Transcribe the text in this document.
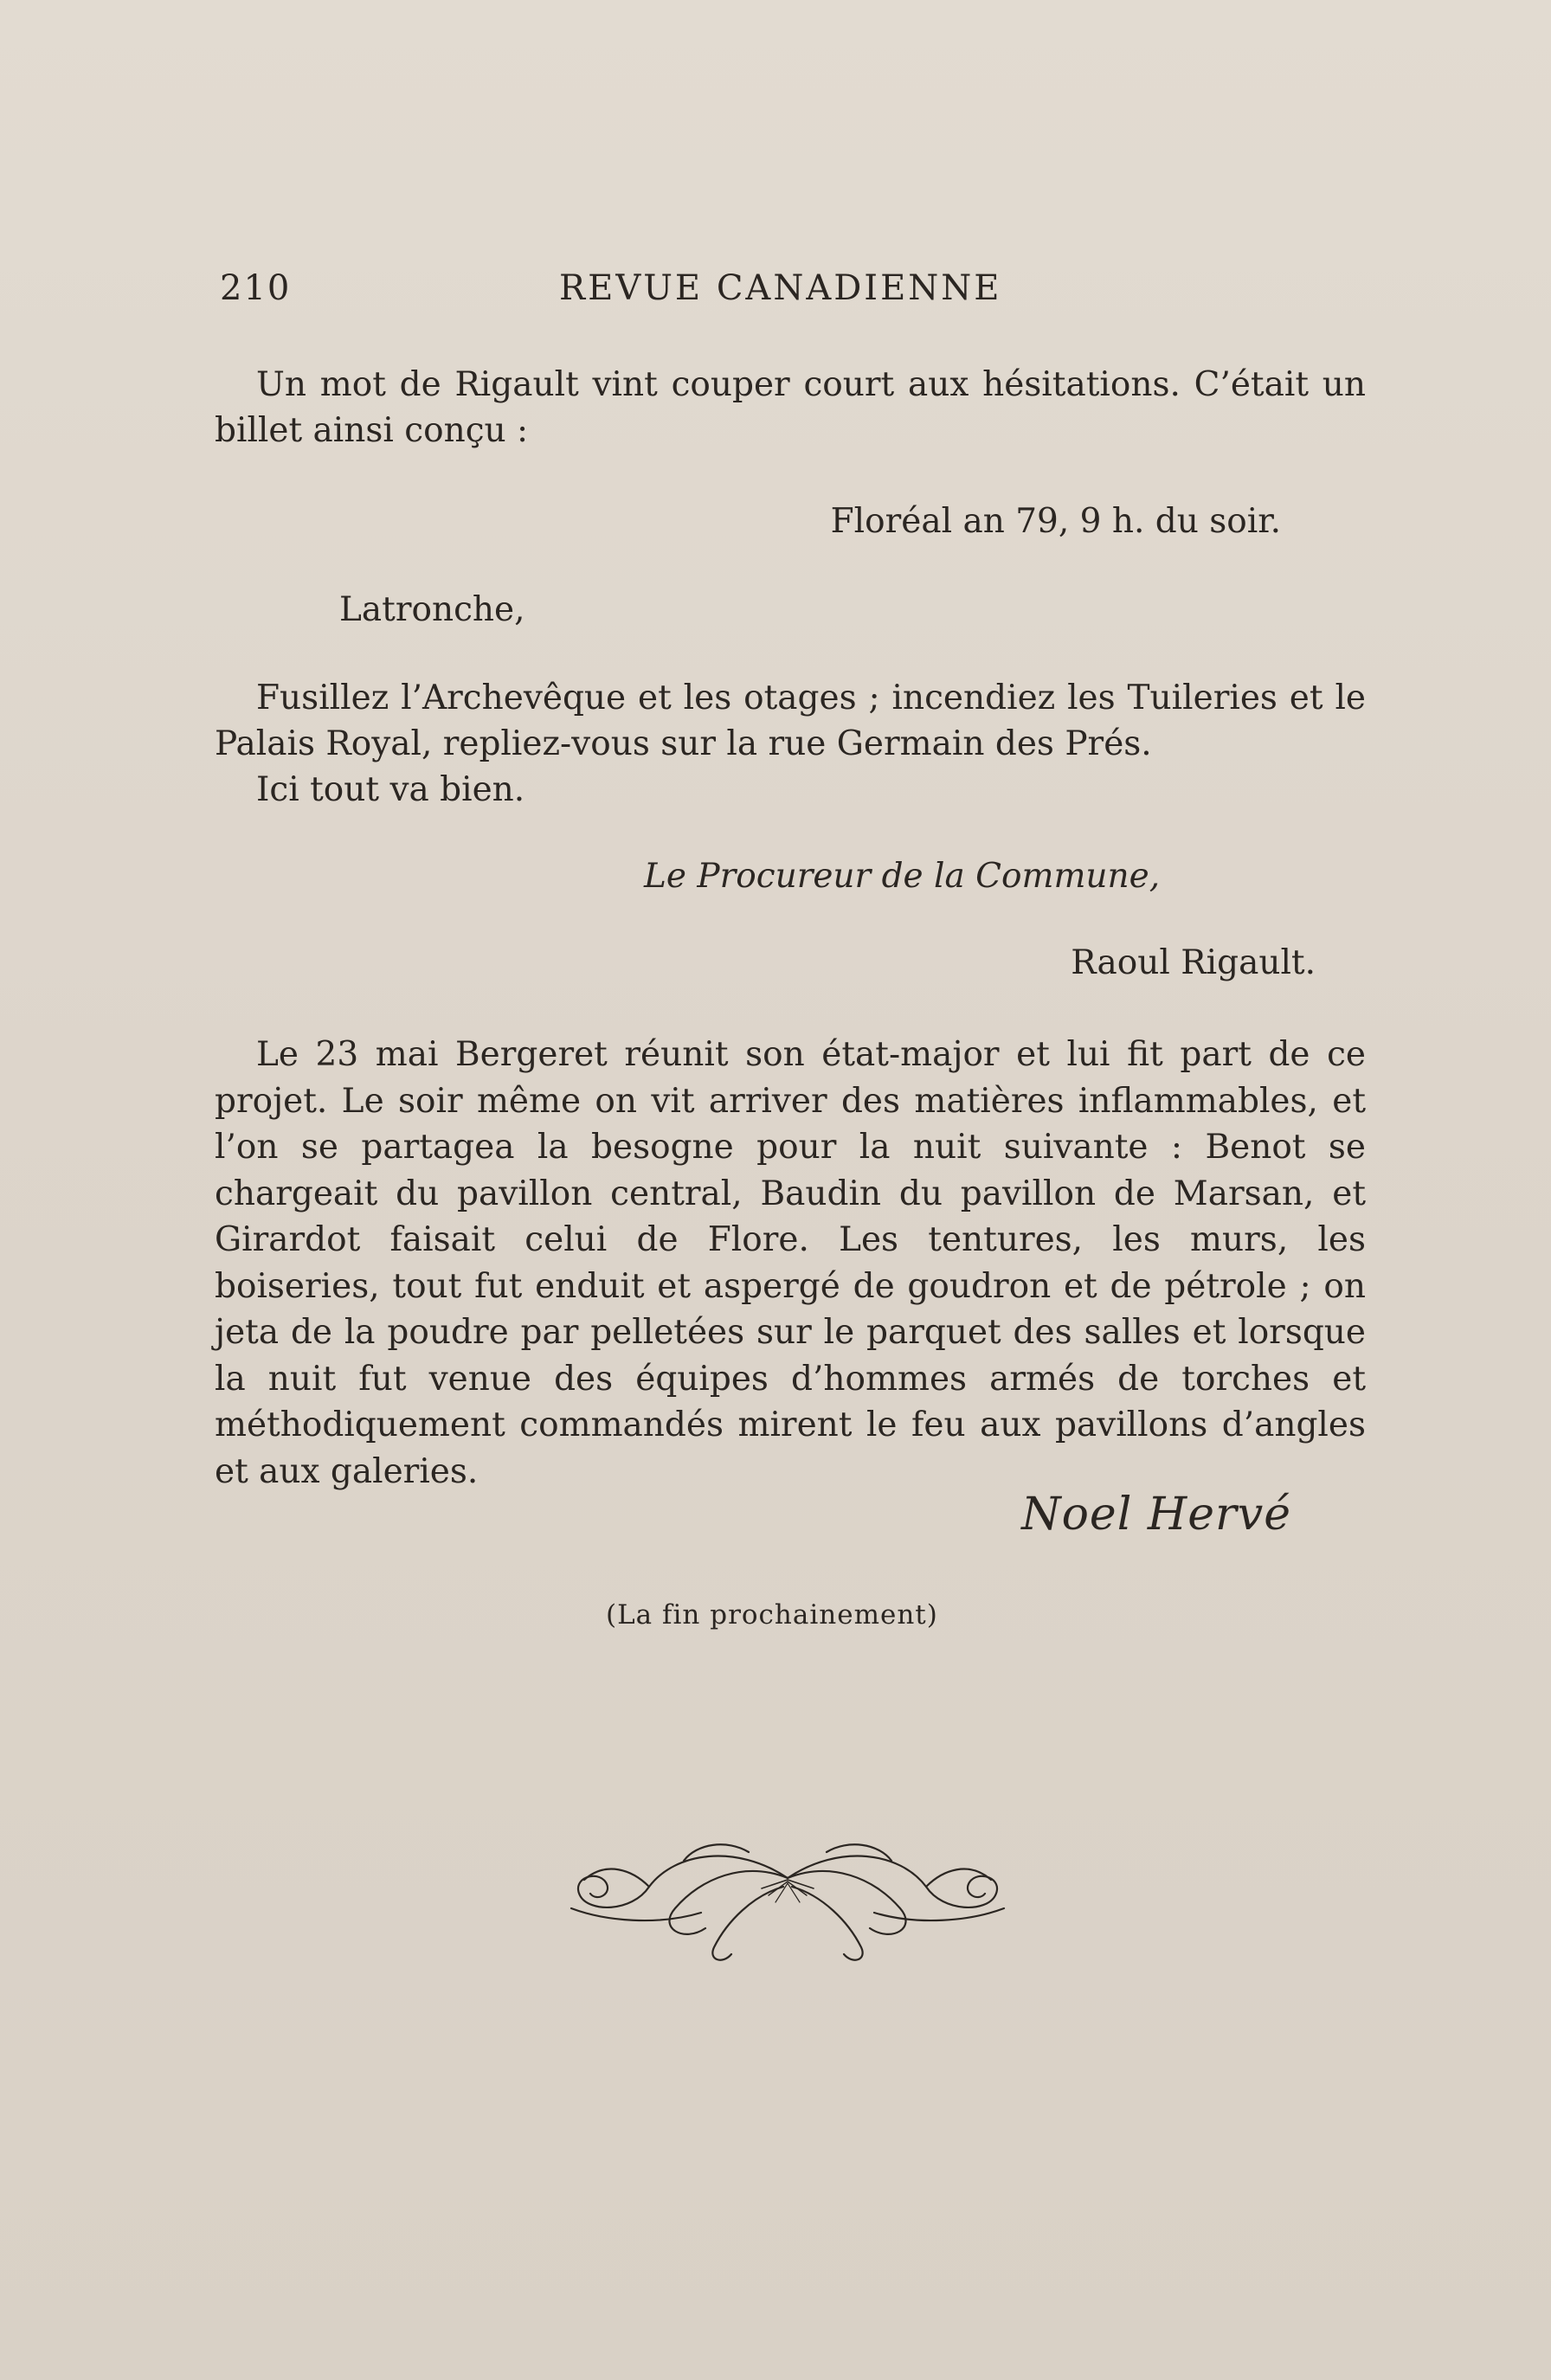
210	REVUE CANADIENNE
Un mot de Rigault vint couper court aux hésitations. C’était un billet ainsi conçu :
Floréal an 79, 9 h. du soir.
Latronche,
Fusillez l’Archevêque et les otages ; incendiez les Tuileries et le Palais Royal, repliez-vous sur la rue Germain des Prés.
Ici tout va bien.
Le Procureur de la Commune,
Raoul Rigault.
Le 23 mai Bergeret réunit son état-major et lui fit part de ce projet. Le soir même on vit arriver des matières inflammables, et l’on se partagea la besogne pour la nuit suivante : Benot se chargeait du pavillon central, Baudin du pavillon de Marsan, et Girardot faisait celui de Flore. Les tentures, les murs, les boiseries, tout fut enduit et aspergé de goudron et de pétrole ; on jeta de la poudre par pelletées sur le parquet des salles et lorsque la nuit fut venue des équipes d’hommes armés de torches et méthodiquement commandés mirent le feu aux pavillons d’angles et aux galeries.
Noel Hervé
(La fin prochainement)
